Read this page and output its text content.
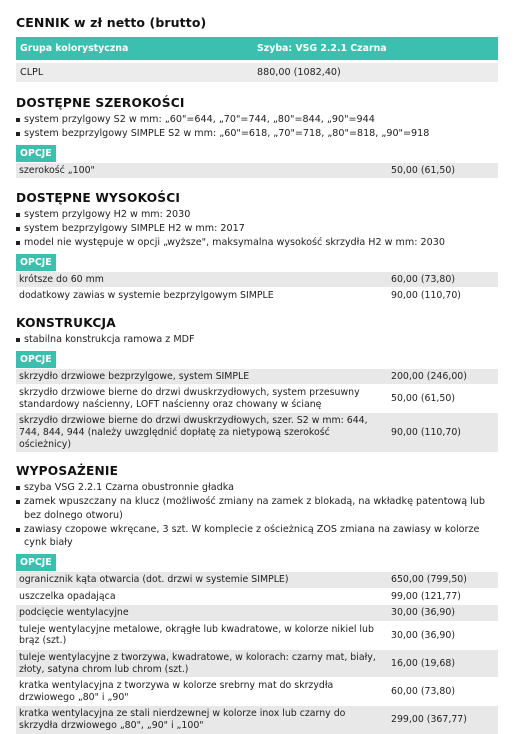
CENNIK w zł netto (brutto)
Grupa kolorystyczna	Szyba: VSG 2.2.1 Czarna
CLPL	880,00 (1082,40)
DOSTĘPNE SZEROKOŚCI
system przylgowy S2 w mm: „60"=644, „70"=744, „80"=844, „90"=944
system bezprzylgowy SIMPLE S2 w mm: „60"=618, „70"=718, „80"=818, „90"=918
OPCJE
szerokość „100"	50,00 (61,50)
DOSTĘPNE WYSOKOŚCI
system przylgowy H2 w mm: 2030
system bezprzylgowy SIMPLE H2 w mm: 2017
model nie występuje w opcji „wyższe", maksymalna wysokość skrzydła H2 w mm: 2030
OPCJE
krótsze do 60 mm	60,00 (73,80)
dodatkowy zawias w systemie bezprzylgowym SIMPLE	90,00 (110,70)
KONSTRUKCJA
stabilna konstrukcja ramowa z MDF
OPCJE
skrzydło drzwiowe bezprzylgowe, system SIMPLE	200,00 (246,00)
skrzydło drzwiowe bierne do drzwi dwuskrzydłowych, system przesuwny standardowy naścienny, LOFT naścienny oraz chowany w ścianę	50,00 (61,50)
skrzydło drzwiowe bierne do drzwi dwuskrzydłowych, szer. S2 w mm: 644, 744, 844, 944 (należy uwzględnić dopłatę za nietypową szerokość ościeżnicy)	90,00 (110,70)
WYPOSAŻENIE
szyba VSG 2.2.1 Czarna obustronnie gładka
zamek wpuszczany na klucz (możliwość zmiany na zamek z blokadą, na wkładkę patentową lub bez dolnego otworu)
zawiasy czopowe wkręcane, 3 szt. W komplecie z ościeżnicą ZOS zmiana na zawiasy w kolorze cynk biały
OPCJE
ogranicznik kąta otwarcia (dot. drzwi w systemie SIMPLE)	650,00 (799,50)
uszczelka opadająca	99,00 (121,77)
podcięcie wentylacyjne	30,00 (36,90)
tuleje wentylacyjne metalowe, okrągłe lub kwadratowe, w kolorze nikiel lub brąz (szt.)	30,00 (36,90)
tuleje wentylacyjne z tworzywa, kwadratowe, w kolorach: czarny mat, biały, złoty, satyna chrom lub chrom (szt.)	16,00 (19,68)
kratka wentylacyjna z tworzywa w kolorze srebrny mat do skrzydła drzwiowego „80" i „90"	60,00 (73,80)
kratka wentylacyjna ze stali nierdzewnej w kolorze inox lub czarny do skrzydła drzwiowego „80", „90" i „100"	299,00 (367,77)
